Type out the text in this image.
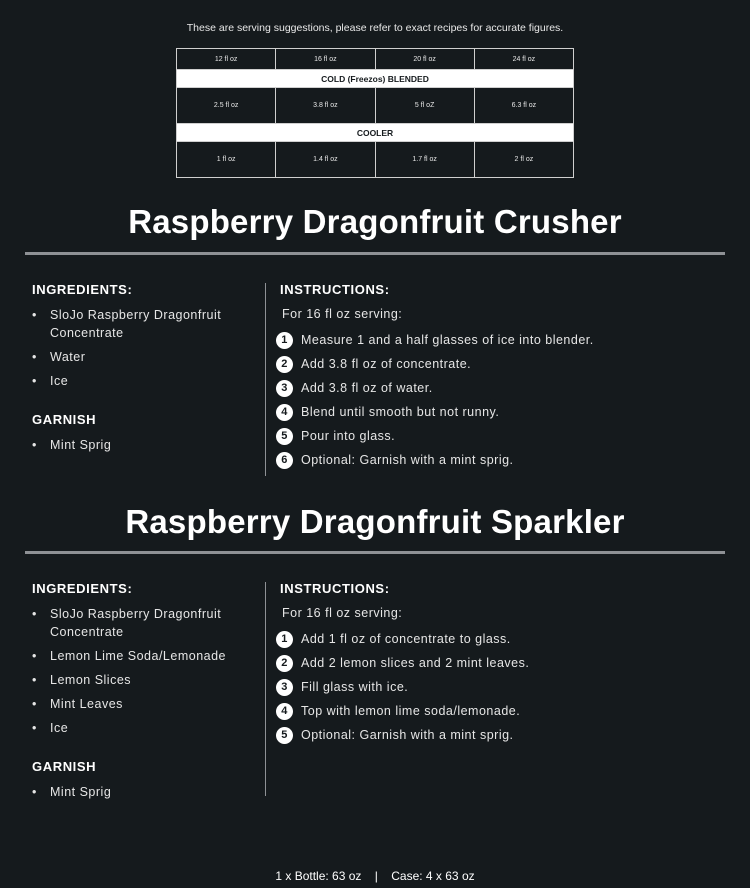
These are serving suggestions, please refer to exact recipes for accurate figures.
12 fl oz	16 fl oz	20 fl oz	24 fl oz
COLD (Freezos) BLENDED			
2.5 fl oz	3.8 fl oz	5 fl oZ	6.3 fl oz
COOLER			
1 fl oz	1.4 fl oz	1.7 fl oz	2 fl oz
Raspberry Dragonfruit Crusher
INGREDIENTS:
• SloJo Raspberry Dragonfruit Concentrate
• Water
• Ice
GARNISH
• Mint Sprig
INSTRUCTIONS:
For 16 fl oz serving:
1	Measure 1 and a half glasses of ice into blender.
2	Add 3.8 fl oz of concentrate.
3	Add 3.8 fl oz of water.
4	Blend until smooth but not runny.
5	Pour into glass.
6	Optional: Garnish with a mint sprig.
Raspberry Dragonfruit Sparkler
INGREDIENTS:
• SloJo Raspberry Dragonfruit Concentrate
• Lemon Lime Soda/Lemonade
• Lemon Slices
• Mint Leaves
• Ice
GARNISH
• Mint Sprig
INSTRUCTIONS:
For 16 fl oz serving:
1	Add 1 fl oz of concentrate to glass.
2	Add 2 lemon slices and 2 mint leaves.
3	Fill glass with ice.
4	Top with lemon lime soda/lemonade.
5	Optional: Garnish with a mint sprig.
1 x Bottle: 63 oz | Case: 4 x 63 oz
